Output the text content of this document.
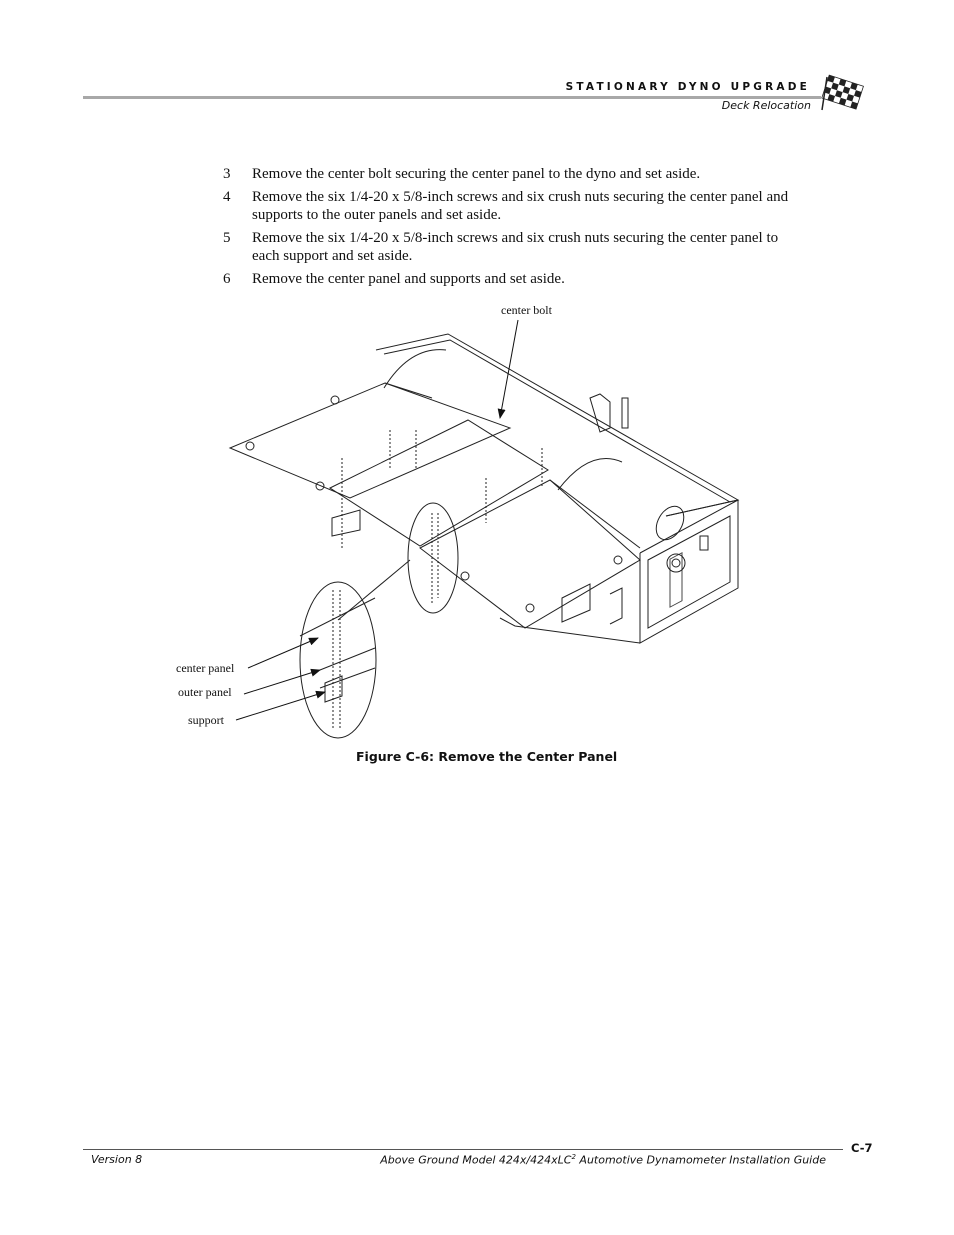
STATIONARY DYNO UPGRADE
Deck Relocation
3	Remove the center bolt securing the center panel to the dyno and set aside.
4	Remove the six 1/4-20 x 5/8-inch screws and six crush nuts securing the center panel and supports to the outer panels and set aside.
5	Remove the six 1/4-20 x 5/8-inch screws and six crush nuts securing the center panel to each support and set aside.
6	Remove the center panel and supports and set aside.
center bolt
center panel
outer panel
support
Figure C-6: Remove the Center Panel
C-7
Version 8	Above Ground Model 424x/424xLC$^2$ Automotive Dynamometer Installation Guide
